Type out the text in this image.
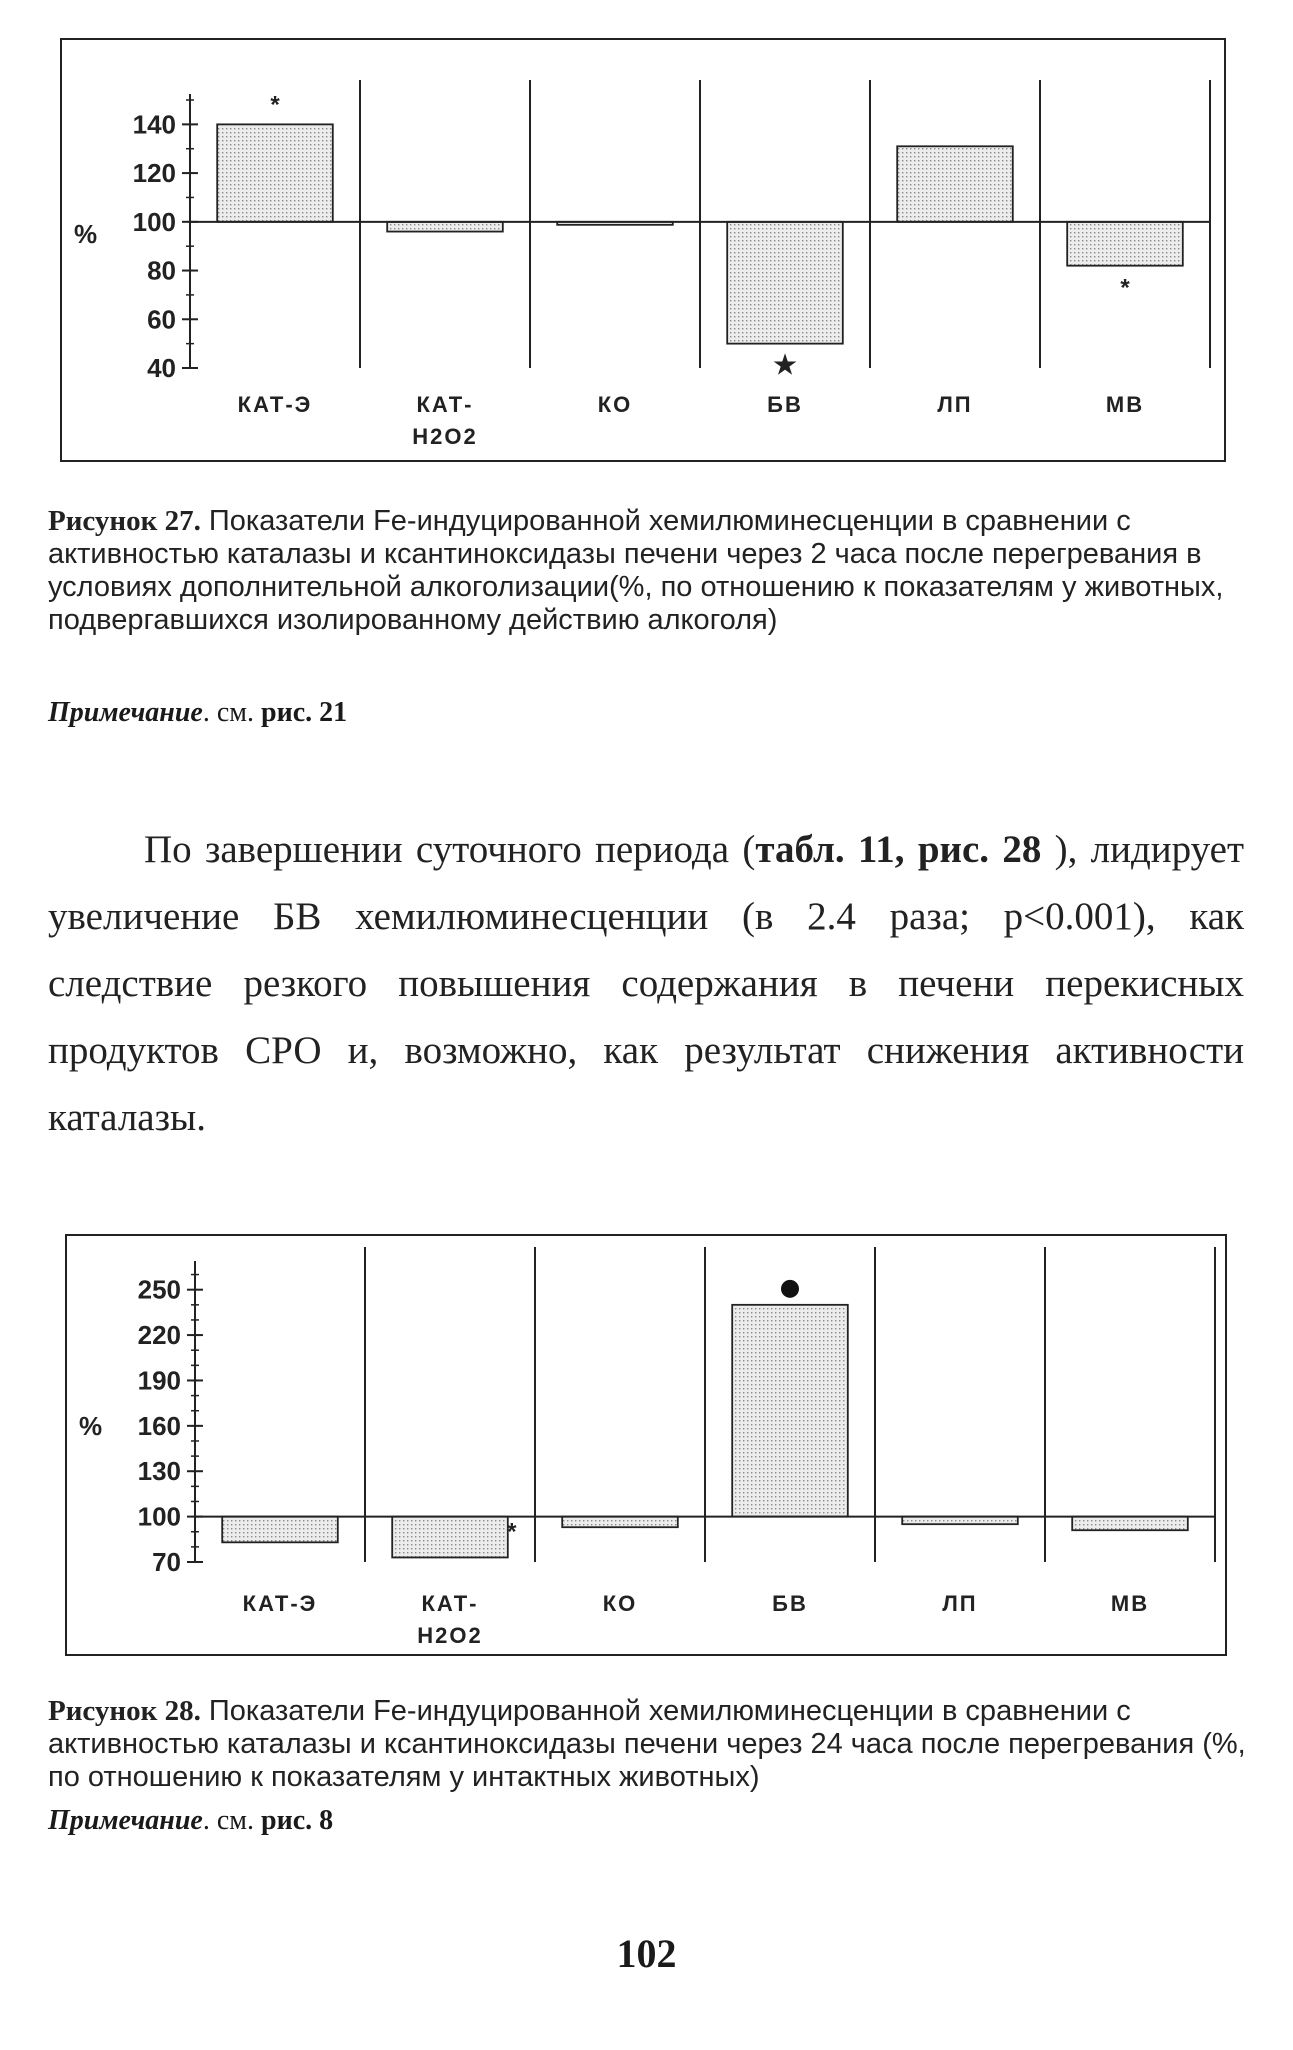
40
60
80
100
120
140
%
*
КАТ-Э	КАТ-
Н2О2
КО
★
БВ	ЛП
*
МВ
Рисунок 27. Показатели Fe-индуцированной хемилюминесценции в сравнении с активностью каталазы и ксантиноксидазы печени через 2 часа после перегревания в условиях дополнительной алкоголизации(%, по отношению к показателям у животных, подвергавшихся изолированному действию алкоголя)
Примечание. см. рис. 21
По завершении суточного периода (табл. 11, рис. 28 ), лидирует увеличение БВ хемилюминесценции (в 2.4 раза; p<0.001), как следствие резкого повышения содержания в печени перекисных продуктов СРО и, возможно, как результат снижения активности каталазы.
70
100
130
160
190
220
250
%
КАТ-Э
*
КАТ-
Н2О2
КО	БВ	ЛП	МВ
Рисунок 28. Показатели Fe-индуцированной хемилюминесценции в сравнении с активностью каталазы и ксантиноксидазы печени через 24 часа после перегревания (%, по отношению к показателям у интактных животных)
Примечание. см. рис. 8
102
